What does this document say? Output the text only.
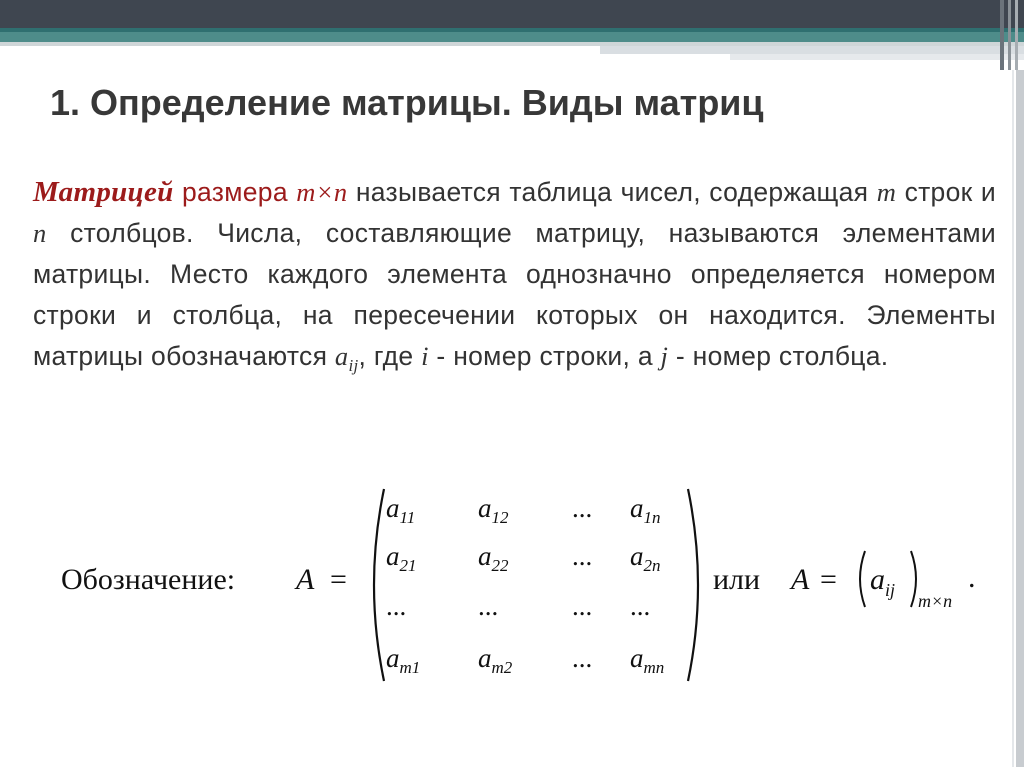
1. Определение матрицы. Виды матриц
Матрицей размера m×n называется таблица чисел, содержащая m строк и n столбцов. Числа, составляющие матрицу, называются элементами матрицы. Место каждого элемента однозначно определяется номером строки и столбца, на пересечении которых он находится. Элементы матрицы обозначаются $a_{ij}$, где i - номер строки, а j - номер столбца.
Обозначение: A =
$a_{11}$	$a_{12}$	...	$a_{1n}$
$a_{21}$	$a_{22}$	...	$a_{2n}$
...	...	...	...
$a_{m1}$	$a_{m2}$	...	$a_{mn}$
или $A = a_{ij}$
m×n
.
